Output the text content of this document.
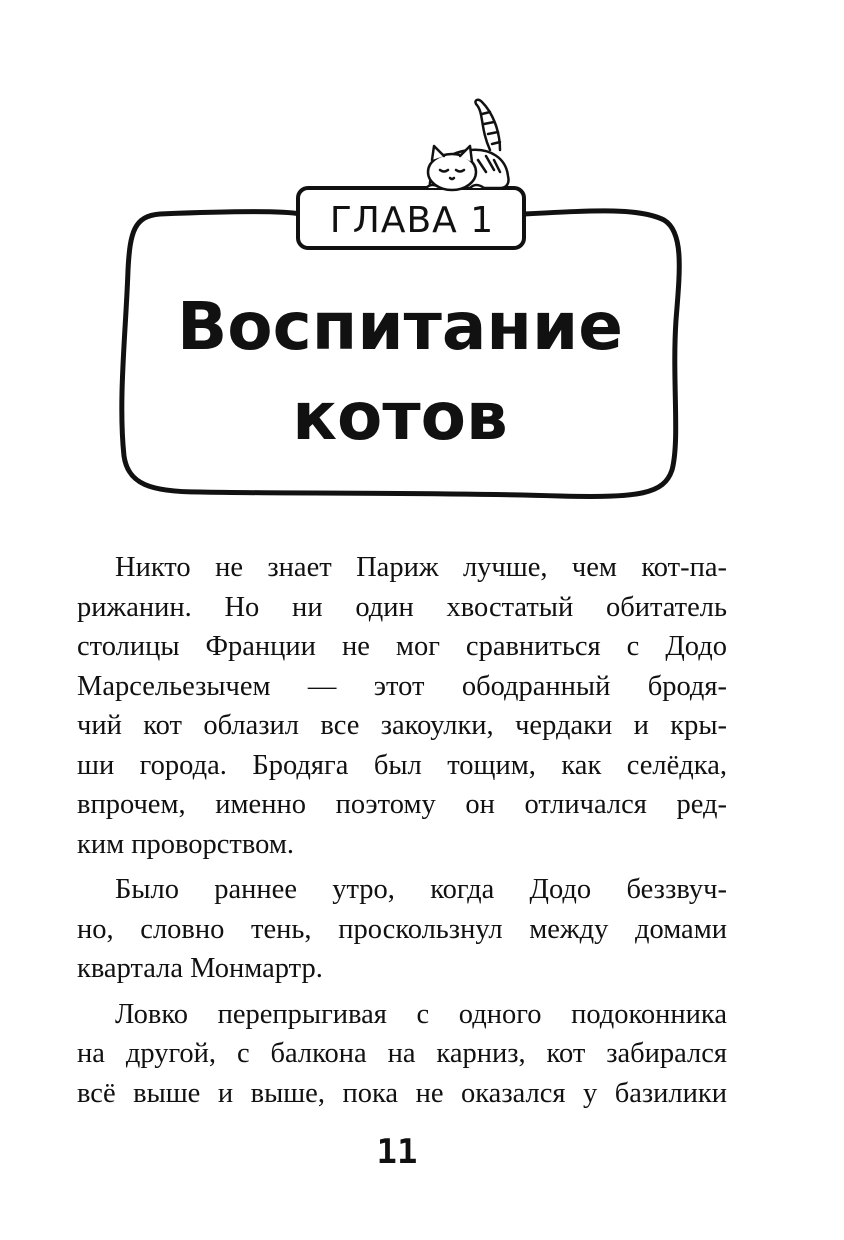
ГЛАВА 1
Воспитание
котов

Никто не знает Париж лучше, чем кот-па-
рижанин. Но ни один хвостатый обитатель
столицы Франции не мог сравниться с Додо
Марсельезычем — этот ободранный бродя-
чий кот облазил все закоулки, чердаки и кры-
ши города. Бродяга был тощим, как селёдка,
впрочем, именно поэтому он отличался ред-
ким проворством.

Было раннее утро, когда Додо беззвуч-
но, словно тень, проскользнул между домами
квартала Монмартр.

Ловко перепрыгивая с одного подоконника
на другой, с балкона на карниз, кот забирался
всё выше и выше, пока не оказался у базилики

11
